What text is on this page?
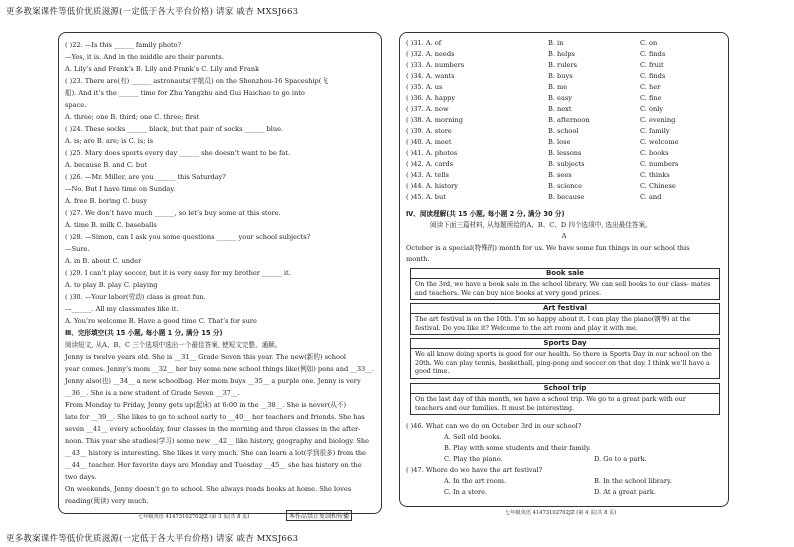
更多教案课件等低价优质滋源(一定低于各大平台价格) 请家 戚杏 MXSJ663
( )22. —Is this ______ family photo?
—Yes, it is. And in the middle are their parents.
A. Lily’s and Frank’s B. Lily and Frank’s C. Lily and Frank
( )23. There are(有) ______ astronauts(宇航员) on the Shenzhou-16 Spaceship(飞
船). And it’s the ______ time for Zhu Yangzhu and Gui Haichao to go into
space.
A. three; one B. third; one C. three; first
( )24. These socks ______ black, but that pair of socks ______ blue.
A. is; are B. are; is C. is; is
( )25. Mary does sports every day ______ she doesn’t want to be fat.
A. because B. and C. but
( )26. —Mr. Miller, are you ______ this Saturday?
—No. But I have time on Sunday.
A. free B. boring C. busy
( )27. We don’t have much ______, so let’s buy some at this store.
A. time B. milk C. baseballs
( )28. —Simon, can I ask you some questions ______ your school subjects?
—Sure.
A. in B. about C. under
( )29. I can’t play soccer, but it is very easy for my brother ______ it.
A. to play B. play C. playing
( )30. —Your labor(劳动) class is great fun.
—______. All my classmates like it.
A. You’re welcome B. Have a good time C. That’s for sure
Ⅲ、完形填空(共 15 小题, 每小题 1 分, 满分 15 分)
阅读短文, 从A、B、C 三个选项中选出一个最佳答案, 使短文完整、通顺。
Jenny is twelve years old. She is __31__ Grade Seven this year. The new(新的) school
year comes. Jenny’s mom __32__ her buy some new school things like(例如) pens and __33__.
Jenny also(也) __34__ a new schoolbag. Her mom buys __35__ a purple one. Jenny is very
__36__. She is a new student of Grade Seven __37__.
From Monday to Friday, Jenny gets up(起床) at 6:00 in the __38__. She is never(从不)
late for __39__. She likes to go to school early to __40__ her teachers and friends. She has
seven __41__ every schoolday, four classes in the morning and three classes in the after-
noon. This year she studies(学习) some new __42__ like history, geography and biology. She
__43__ history is interesting. She likes it very much. She can learn a lot(学到很多) from the
__44__ teacher. Her favorite days are Monday and Tuesday __45__ she has history on the
two days.
On weekends, Jenny doesn’t go to school. She always reads books at home. She loves
reading(阅读) very much.
七年级英语 41473102702JZ (第 3 页(共 8 页)	本作品禁止复制和传播
( )31. A. of	B. in	C. on
( )32. A. needs	B. helps	C. finds
( )33. A. numbers	B. rulers	C. fruit
( )34. A. wants	B. buys	C. finds
( )35. A. us	B. me	C. her
( )36. A. happy	B. easy	C. fine
( )37. A. now	B. next	C. only
( )38. A. morning	B. afternoon	C. evening
( )39. A. store	B. school	C. family
( )40. A. meet	B. lose	C. welcome
( )41. A. photos	B. lessons	C. books
( )42. A. cards	B. subjects	C. numbers
( )43. A. tells	B. sees	C. thinks
( )44. A. history	B. science	C. Chinese
( )45. A. but	B. because	C. and
Ⅳ、阅读理解(共 15 小题, 每小题 2 分, 满分 30 分)
阅读下面三篇材料, 从每题所给的A、B、C、D 四个选项中, 选出最佳答案。
A
October is a special(特殊的) month for us. We have some fun things in our school this
month.
Book sale
On the 3rd, we have a book sale in the school library. We can sell books to our class- mates and teachers. We can buy nice books at very good prices.
Art festival
The art festival is on the 10th. I’m so happy about it. I can play the piano(钢琴) at the festival. Do you like it? Welcome to the art room and play it with me.
Sports Day
We all know doing sports is good for our health. So there is Sports Day in our school on the 20th. We can play tennis, basketball, ping-pong and soccer on that day. I think we’ll have a good time.
School trip
On the last day of this month, we have a school trip. We go to a great park with our teachers and our families. It must be interesting.
( )46. What can we do on October 3rd in our school?
A. Sell old books.
B. Play with some students and their family.
C. Play the piano.	D. Go to a park.
( )47. Where do we have the art festival?
A. In the art room.	B. In the school library.
C. In a store.	D. At a great park.
七年级英语 41473102702JZ (第 4 页(共 8 页)
更多教案课件等低价优质滋源(一定低于各大平台价格) 请家 戚杏 MXSJ663
